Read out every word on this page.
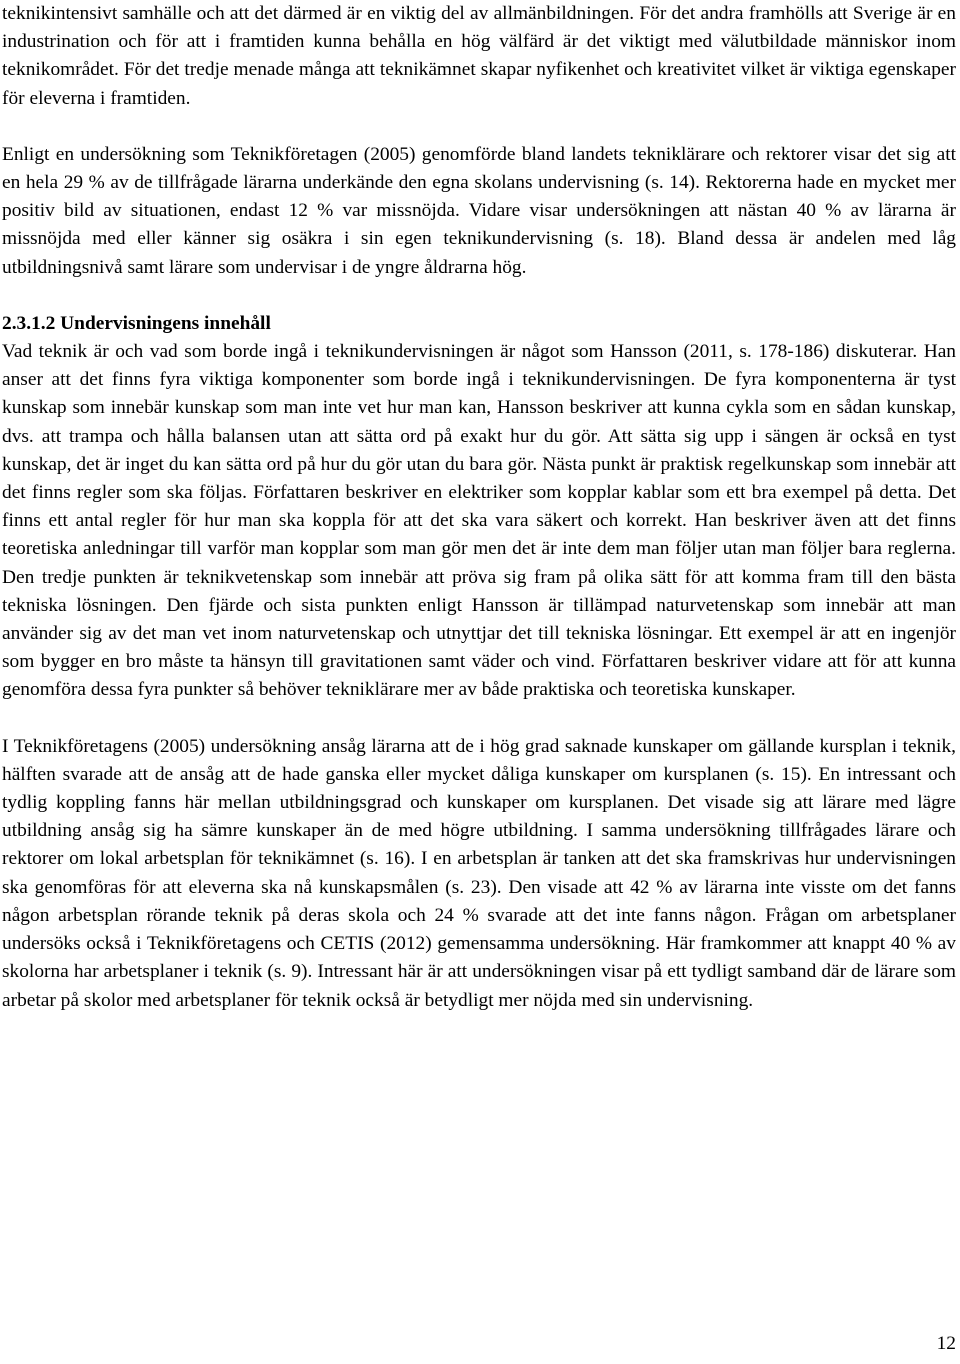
teknikintensivt samhälle och att det därmed är en viktig del av allmänbildningen. För det andra framhölls att Sverige är en industrination och för att i framtiden kunna behålla en hög välfärd är det viktigt med välutbildade människor inom teknikområdet. För det tredje menade många att teknikämnet skapar nyfikenhet och kreativitet vilket är viktiga egenskaper för eleverna i framtiden.

Enligt en undersökning som Teknikföretagen (2005) genomförde bland landets tekniklärare och rektorer visar det sig att en hela 29 % av de tillfrågade lärarna underkände den egna skolans undervisning (s. 14). Rektorerna hade en mycket mer positiv bild av situationen, endast 12 % var missnöjda. Vidare visar undersökningen att nästan 40 % av lärarna är missnöjda med eller känner sig osäkra i sin egen teknikundervisning (s. 18). Bland dessa är andelen med låg utbildningsnivå samt lärare som undervisar i de yngre åldrarna hög.

2.3.1.2 Undervisningens innehåll

Vad teknik är och vad som borde ingå i teknikundervisningen är något som Hansson (2011, s. 178-186) diskuterar. Han anser att det finns fyra viktiga komponenter som borde ingå i teknikundervisningen. De fyra komponenterna är tyst kunskap som innebär kunskap som man inte vet hur man kan, Hansson beskriver att kunna cykla som en sådan kunskap, dvs. att trampa och hålla balansen utan att sätta ord på exakt hur du gör. Att sätta sig upp i sängen är också en tyst kunskap, det är inget du kan sätta ord på hur du gör utan du bara gör. Nästa punkt är praktisk regelkunskap som innebär att det finns regler som ska följas. Författaren beskriver en elektriker som kopplar kablar som ett bra exempel på detta. Det finns ett antal regler för hur man ska koppla för att det ska vara säkert och korrekt. Han beskriver även att det finns teoretiska anledningar till varför man kopplar som man gör men det är inte dem man följer utan man följer bara reglerna. Den tredje punkten är teknikvetenskap som innebär att pröva sig fram på olika sätt för att komma fram till den bästa tekniska lösningen. Den fjärde och sista punkten enligt Hansson är tillämpad naturvetenskap som innebär att man använder sig av det man vet inom naturvetenskap och utnyttjar det till tekniska lösningar. Ett exempel är att en ingenjör som bygger en bro måste ta hänsyn till gravitationen samt väder och vind. Författaren beskriver vidare att för att kunna genomföra dessa fyra punkter så behöver tekniklärare mer av både praktiska och teoretiska kunskaper.

I Teknikföretagens (2005) undersökning ansåg lärarna att de i hög grad saknade kunskaper om gällande kursplan i teknik, hälften svarade att de ansåg att de hade ganska eller mycket dåliga kunskaper om kursplanen (s. 15). En intressant och tydlig koppling fanns här mellan utbildningsgrad och kunskaper om kursplanen. Det visade sig att lärare med lägre utbildning ansåg sig ha sämre kunskaper än de med högre utbildning. I samma undersökning tillfrågades lärare och rektorer om lokal arbetsplan för teknikämnet (s. 16). I en arbetsplan är tanken att det ska framskrivas hur undervisningen ska genomföras för att eleverna ska nå kunskapsmålen (s. 23). Den visade att 42 % av lärarna inte visste om det fanns någon arbetsplan rörande teknik på deras skola och 24 % svarade att det inte fanns någon. Frågan om arbetsplaner undersöks också i Teknikföretagens och CETIS (2012) gemensamma undersökning. Här framkommer att knappt 40 % av skolorna har arbetsplaner i teknik (s. 9). Intressant här är att undersökningen visar på ett tydligt samband där de lärare som arbetar på skolor med arbetsplaner för teknik också är betydligt mer nöjda med sin undervisning.

12
